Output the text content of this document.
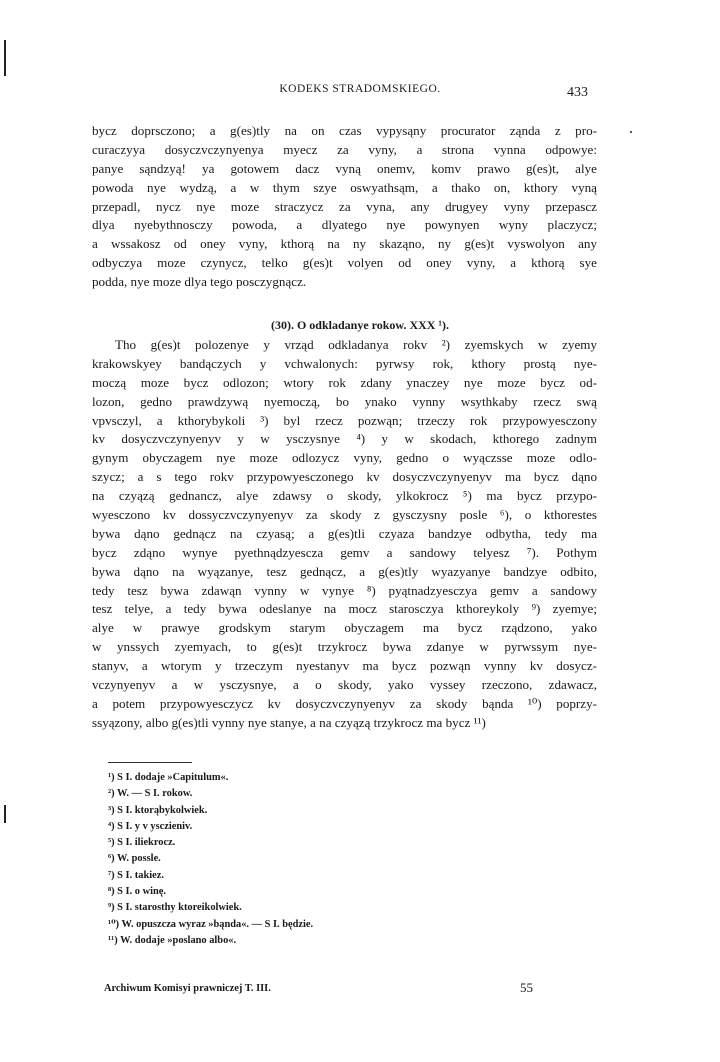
KODEKS STRADOMSKIEGO.	433
bycz doprsczono; a g(es)tly na on czas vypysąny procurator ząnda z pro-
curaczyya dosyczvczynyenya myecz za vyny, a strona vynna odpowye:
panye sąndzyą! ya gotowem dacz vyną onemv, komv prawo g(es)t, alye
powoda nye wydzą, a w thym szye oswyathsąm, a thako on, kthory vyną
przepadl, nycz nye moze straczycz za vyna, any drugyey vyny przepascz
dlya nyebythnosczy powoda, a dlyatego nye powynyen wyny placzycz;
a wssakosz od oney vyny, kthorą na ny skaząno, ny g(es)t vyswolyon any
odbyczya moze czynycz, telko g(es)t volyen od oney vyny, a kthorą sye
podda, nye moze dlya tego posczygnącz.
(30). O odkladanye rokow. XXX ¹).
Tho g(es)t polozenye y vrząd odkladanya rokv ²) zyemskych w zyemy
krakowskyey bandączych y vchwalonych: pyrwsy rok, kthory prostą nye-
moczą moze bycz odlozon; wtory rok zdany ynaczey nye moze bycz od-
lozon, gedno prawdzywą nyemoczą, bo ynako vynny wsythkaby rzecz swą
vpvsczyl, a kthorybykoli ³) byl rzecz pozwąn; trzeczy rok przypowyesczony
kv dosyczvczynyenyv y w ysczysnye ⁴) y w skodach, kthorego zadnym
gynym obyczagem nye moze odlozycz vyny, gedno o wyączsse moze odlo-
szycz; a s tego rokv przypowyesczonego kv dosyczvczynyenyv ma bycz dąno
na czyązą gednancz, alye zdawsy o skody, ylkokrocz ⁵) ma bycz przypo-
wyesczono kv dossyczvczynyenyv za skody z gysczysny posle ⁶), o kthorestes
bywa dąno gednącz na czyasą; a g(es)tli czyaza bandzye odbytha, tedy ma
bycz zdąno wynye pyethnądzyescza gemv a sandowy telyesz ⁷). Pothym
bywa dąno na wyązanye, tesz gednącz, a g(es)tly wyazyanye bandzye odbito,
tedy tesz bywa zdawąn vynny w vynye ⁸) pyątnadzyesczya gemv a sandowy
tesz telye, a tedy bywa odeslanye na mocz starosczya kthoreykoly ⁹) zyemye;
alye w prawye grodskym starym obyczagem ma bycz rządzono, yako
w ynssych zyemyach, to g(es)t trzykrocz bywa zdanye w pyrwssym nye-
stanyv, a wtorym y trzeczym nyestanyv ma bycz pozwąn vynny kv dosycz-
vczynyenyv a w ysczysnye, a o skody, yako vyssey rzeczono, zdawacz,
a potem przypowyesczycz kv dosyczvczynyenyv za skody bąnda ¹⁰) poprzy-
ssyązony, albo g(es)tli vynny nye stanye, a na czyązą trzykrocz ma bycz ¹¹)
¹) S I. dodaje »Capitulum«.
²) W. — S I. rokow.
³) S I. ktorąbykolwiek.
⁴) S I. y v ysczieniv.
⁵) S I. iliekrocz.
⁶) W. possle.
⁷) S I. takiez.
⁸) S I. o winę.
⁹) S I. starosthy ktoreikolwiek.
¹⁰) W. opuszcza wyraz »bąnda«. — S I. będzie.
¹¹) W. dodaje »poslano albo«.
Archiwum Komisyi prawniczej T. III.	55
